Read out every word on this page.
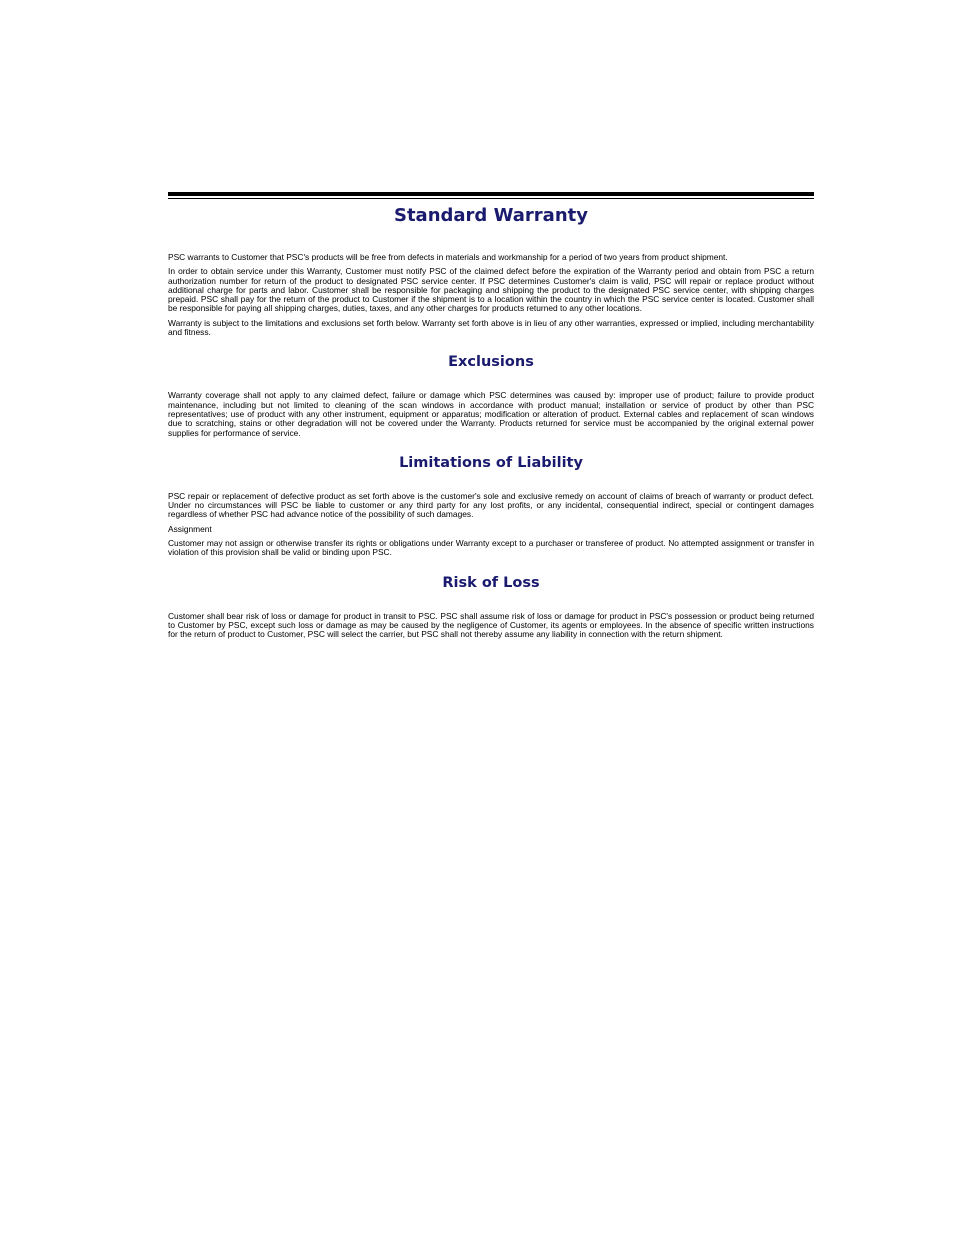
Standard Warranty

PSC warrants to Customer that PSC's products will be free from defects in materials and workmanship for a period of two years from product shipment.

In order to obtain service under this Warranty, Customer must notify PSC of the claimed defect before the expiration of the Warranty period and obtain from PSC a return authorization number for return of the product to designated PSC service center. If PSC determines Customer's claim is valid, PSC will repair or replace product without additional charge for parts and labor. Customer shall be responsible for packaging and shipping the product to the designated PSC service center, with shipping charges prepaid. PSC shall pay for the return of the product to Customer if the shipment is to a location within the country in which the PSC service center is located. Customer shall be responsible for paying all shipping charges, duties, taxes, and any other charges for products returned to any other locations.

Warranty is subject to the limitations and exclusions set forth below. Warranty set forth above is in lieu of any other warranties, expressed or implied, including merchantability and fitness.

Exclusions

Warranty coverage shall not apply to any claimed defect, failure or damage which PSC determines was caused by: improper use of product; failure to provide product maintenance, including but not limited to cleaning of the scan windows in accordance with product manual; installation or service of product by other than PSC representatives; use of product with any other instrument, equipment or apparatus; modification or alteration of product. External cables and replacement of scan windows due to scratching, stains or other degradation will not be covered under the Warranty. Products returned for service must be accompanied by the original external power supplies for performance of service.

Limitations of Liability

PSC repair or replacement of defective product as set forth above is the customer's sole and exclusive remedy on account of claims of breach of warranty or product defect. Under no circumstances will PSC be liable to customer or any third party for any lost profits, or any incidental, consequential indirect, special or contingent damages regardless of whether PSC had advance notice of the possibility of such damages.

Assignment

Customer may not assign or otherwise transfer its rights or obligations under Warranty except to a purchaser or transferee of product. No attempted assignment or transfer in violation of this provision shall be valid or binding upon PSC.

Risk of Loss

Customer shall bear risk of loss or damage for product in transit to PSC. PSC shall assume risk of loss or damage for product in PSC's possession or product being returned to Customer by PSC, except such loss or damage as may be caused by the negligence of Customer, its agents or employees. In the absence of specific written instructions for the return of product to Customer, PSC will select the carrier, but PSC shall not thereby assume any liability in connection with the return shipment.
